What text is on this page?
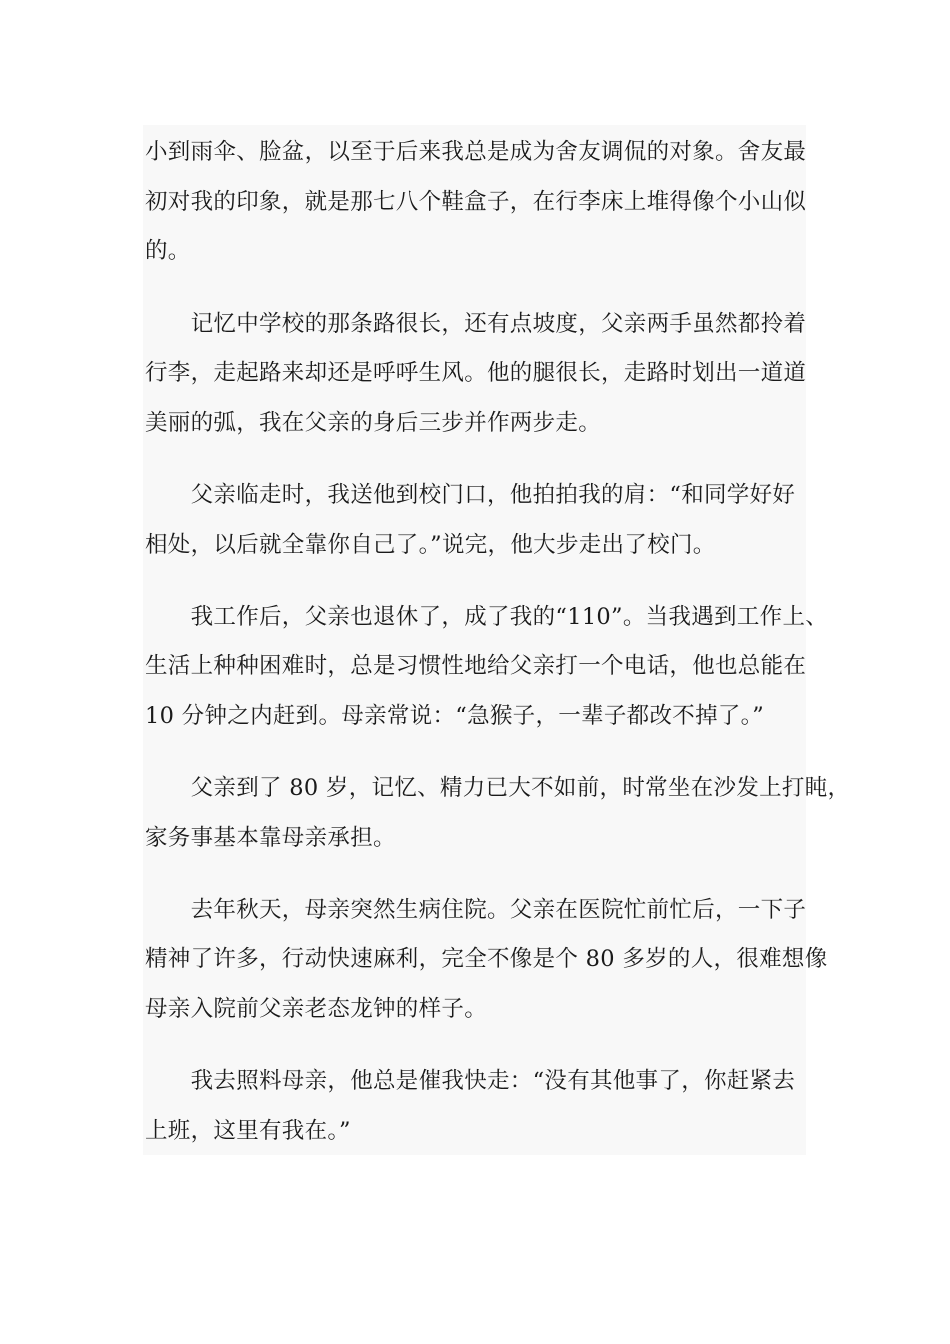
小到雨伞、脸盆，以至于后来我总是成为舍友调侃的对象。舍友最
初对我的印象，就是那七八个鞋盒子，在行李床上堆得像个小山似
的。
　　记忆中学校的那条路很长，还有点坡度，父亲两手虽然都拎着
行李，走起路来却还是呼呼生风。他的腿很长，走路时划出一道道
美丽的弧，我在父亲的身后三步并作两步走。
　　父亲临走时，我送他到校门口，他拍拍我的肩：“和同学好好
相处，以后就全靠你自己了。”说完，他大步走出了校门。
　　我工作后，父亲也退休了，成了我的“110”。当我遇到工作上、
生活上种种困难时，总是习惯性地给父亲打一个电话，他也总能在
10 分钟之内赶到。母亲常说：“急猴子，一辈子都改不掉了。”
　　父亲到了 80 岁，记忆、精力已大不如前，时常坐在沙发上打盹，
家务事基本靠母亲承担。
　　去年秋天，母亲突然生病住院。父亲在医院忙前忙后，一下子
精神了许多，行动快速麻利，完全不像是个 80 多岁的人，很难想像
母亲入院前父亲老态龙钟的样子。
　　我去照料母亲，他总是催我快走：“没有其他事了，你赶紧去
上班，这里有我在。”
